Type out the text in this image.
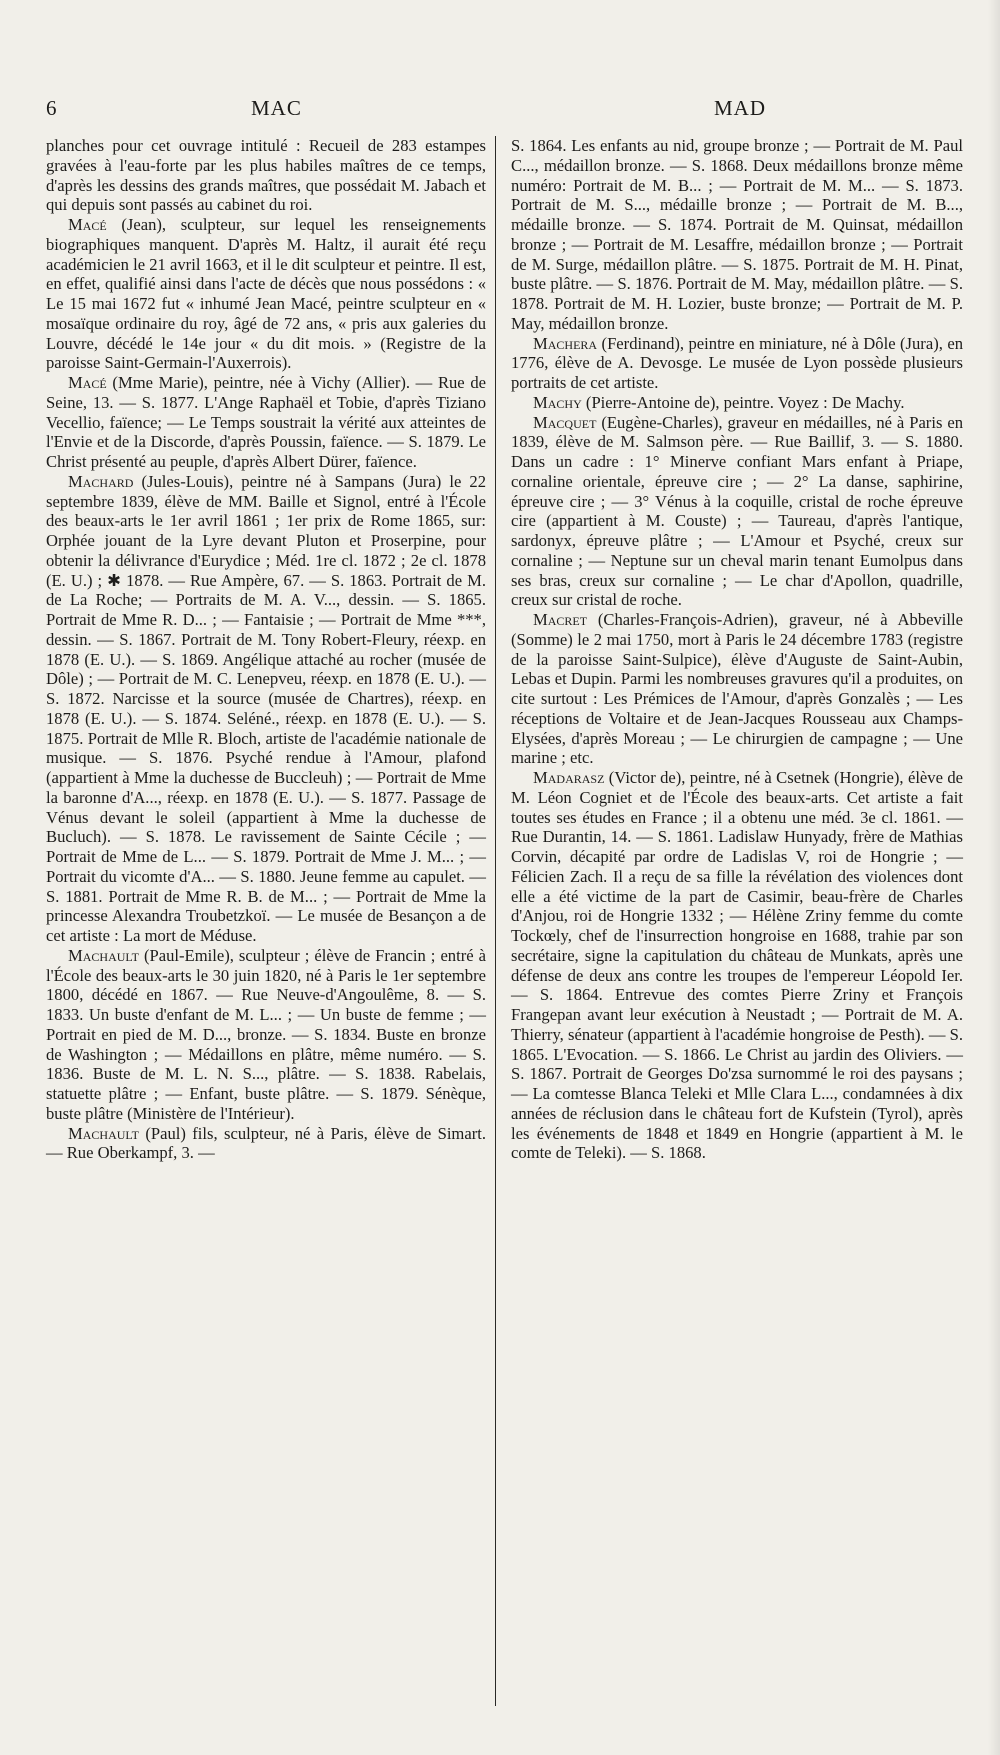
6	MAC	MAD

planches pour cet ouvrage intitulé : Recueil de 283 estampes gravées à l'eau-forte par les plus habiles maîtres de ce temps, d'après les dessins des grands maîtres, que possédait M. Jabach et qui depuis sont passés au cabinet du roi.

Macé (Jean), sculpteur, sur lequel les renseignements biographiques manquent. D'après M. Haltz, il aurait été reçu académicien le 21 avril 1663, et il le dit sculpteur et peintre. Il est, en effet, qualifié ainsi dans l'acte de décès que nous possédons : « Le 15 mai 1672 fut « inhumé Jean Macé, peintre sculpteur en « mosaïque ordinaire du roy, âgé de 72 ans, « pris aux galeries du Louvre, décédé le 14e jour « du dit mois. » (Registre de la paroisse Saint-Germain-l'Auxerrois).

Macé (Mme Marie), peintre, née à Vichy (Allier). — Rue de Seine, 13. — S. 1877. L'Ange Raphaël et Tobie, d'après Tiziano Vecellio, faïence; — Le Temps soustrait la vérité aux atteintes de l'Envie et de la Discorde, d'après Poussin, faïence. — S. 1879. Le Christ présenté au peuple, d'après Albert Dürer, faïence.

Machard (Jules-Louis), peintre né à Sampans (Jura) le 22 septembre 1839, élève de MM. Baille et Signol, entré à l'École des beaux-arts le 1er avril 1861 ; 1er prix de Rome 1865, sur: Orphée jouant de la Lyre devant Pluton et Proserpine, pour obtenir la délivrance d'Eurydice ; Méd. 1re cl. 1872 ; 2e cl. 1878 (E. U.) ; ✱ 1878. — Rue Ampère, 67. — S. 1863. Portrait de M. de La Roche; — Portraits de M. A. V..., dessin. — S. 1865. Portrait de Mme R. D... ; — Fantaisie ; — Portrait de Mme ***, dessin. — S. 1867. Portrait de M. Tony Robert-Fleury, réexp. en 1878 (E. U.). — S. 1869. Angélique attaché au rocher (musée de Dôle) ; — Portrait de M. C. Lenepveu, réexp. en 1878 (E. U.). — S. 1872. Narcisse et la source (musée de Chartres), réexp. en 1878 (E. U.). — S. 1874. Seléné., réexp. en 1878 (E. U.). — S. 1875. Portrait de Mlle R. Bloch, artiste de l'académie nationale de musique. — S. 1876. Psyché rendue à l'Amour, plafond (appartient à Mme la duchesse de Buccleuh) ; — Portrait de Mme la baronne d'A..., réexp. en 1878 (E. U.). — S. 1877. Passage de Vénus devant le soleil (appartient à Mme la duchesse de Bucluch). — S. 1878. Le ravissement de Sainte Cécile ; — Portrait de Mme de L... — S. 1879. Portrait de Mme J. M... ; — Portrait du vicomte d'A... — S. 1880. Jeune femme au capulet. — S. 1881. Portrait de Mme R. B. de M... ; — Portrait de Mme la princesse Alexandra Troubetzkoï. — Le musée de Besançon a de cet artiste : La mort de Méduse.

Machault (Paul-Emile), sculpteur ; élève de Francin ; entré à l'École des beaux-arts le 30 juin 1820, né à Paris le 1er septembre 1800, décédé en 1867. — Rue Neuve-d'Angoulême, 8. — S. 1833. Un buste d'enfant de M. L... ; — Un buste de femme ; — Portrait en pied de M. D..., bronze. — S. 1834. Buste en bronze de Washington ; — Médaillons en plâtre, même numéro. — S. 1836. Buste de M. L. N. S..., plâtre. — S. 1838. Rabelais, statuette plâtre ; — Enfant, buste plâtre. — S. 1879. Sénèque, buste plâtre (Ministère de l'Intérieur).

Machault (Paul) fils, sculpteur, né à Paris, élève de Simart. — Rue Oberkampf, 3. —

S. 1864. Les enfants au nid, groupe bronze ; — Portrait de M. Paul C..., médaillon bronze. — S. 1868. Deux médaillons bronze même numéro: Portrait de M. B... ; — Portrait de M. M... — S. 1873. Portrait de M. S..., médaille bronze ; — Portrait de M. B..., médaille bronze. — S. 1874. Portrait de M. Quinsat, médaillon bronze ; — Portrait de M. Lesaffre, médaillon bronze ; — Portrait de M. Surge, médaillon plâtre. — S. 1875. Portrait de M. H. Pinat, buste plâtre. — S. 1876. Portrait de M. May, médaillon plâtre. — S. 1878. Portrait de M. H. Lozier, buste bronze; — Portrait de M. P. May, médaillon bronze.

Machera (Ferdinand), peintre en miniature, né à Dôle (Jura), en 1776, élève de A. Devosge. Le musée de Lyon possède plusieurs portraits de cet artiste.

Machy (Pierre-Antoine de), peintre. Voyez : De Machy.

Macquet (Eugène-Charles), graveur en médailles, né à Paris en 1839, élève de M. Salmson père. — Rue Baillif, 3. — S. 1880. Dans un cadre : 1° Minerve confiant Mars enfant à Priape, cornaline orientale, épreuve cire ; — 2° La danse, saphirine, épreuve cire ; — 3° Vénus à la coquille, cristal de roche épreuve cire (appartient à M. Couste) ; — Taureau, d'après l'antique, sardonyx, épreuve plâtre ; — L'Amour et Psyché, creux sur cornaline ; — Neptune sur un cheval marin tenant Eumolpus dans ses bras, creux sur cornaline ; — Le char d'Apollon, quadrille, creux sur cristal de roche.

Macret (Charles-François-Adrien), graveur, né à Abbeville (Somme) le 2 mai 1750, mort à Paris le 24 décembre 1783 (registre de la paroisse Saint-Sulpice), élève d'Auguste de Saint-Aubin, Lebas et Dupin. Parmi les nombreuses gravures qu'il a produites, on cite surtout : Les Prémices de l'Amour, d'après Gonzalès ; — Les réceptions de Voltaire et de Jean-Jacques Rousseau aux Champs-Elysées, d'après Moreau ; — Le chirurgien de campagne ; — Une marine ; etc.

Madarasz (Victor de), peintre, né à Csetnek (Hongrie), élève de M. Léon Cogniet et de l'École des beaux-arts. Cet artiste a fait toutes ses études en France ; il a obtenu une méd. 3e cl. 1861. — Rue Durantin, 14. — S. 1861. Ladislaw Hunyady, frère de Mathias Corvin, décapité par ordre de Ladislas V, roi de Hongrie ; — Félicien Zach. Il a reçu de sa fille la révélation des violences dont elle a été victime de la part de Casimir, beau-frère de Charles d'Anjou, roi de Hongrie 1332 ; — Hélène Zriny femme du comte Tockœly, chef de l'insurrection hongroise en 1688, trahie par son secrétaire, signe la capitulation du château de Munkats, après une défense de deux ans contre les troupes de l'empereur Léopold Ier. — S. 1864. Entrevue des comtes Pierre Zriny et François Frangepan avant leur exécution à Neustadt ; — Portrait de M. A. Thierry, sénateur (appartient à l'académie hongroise de Pesth). — S. 1865. L'Evocation. — S. 1866. Le Christ au jardin des Oliviers. — S. 1867. Portrait de Georges Do'zsa surnommé le roi des paysans ; — La comtesse Blanca Teleki et Mlle Clara L..., condamnées à dix années de réclusion dans le château fort de Kufstein (Tyrol), après les événements de 1848 et 1849 en Hongrie (appartient à M. le comte de Teleki). — S. 1868.
